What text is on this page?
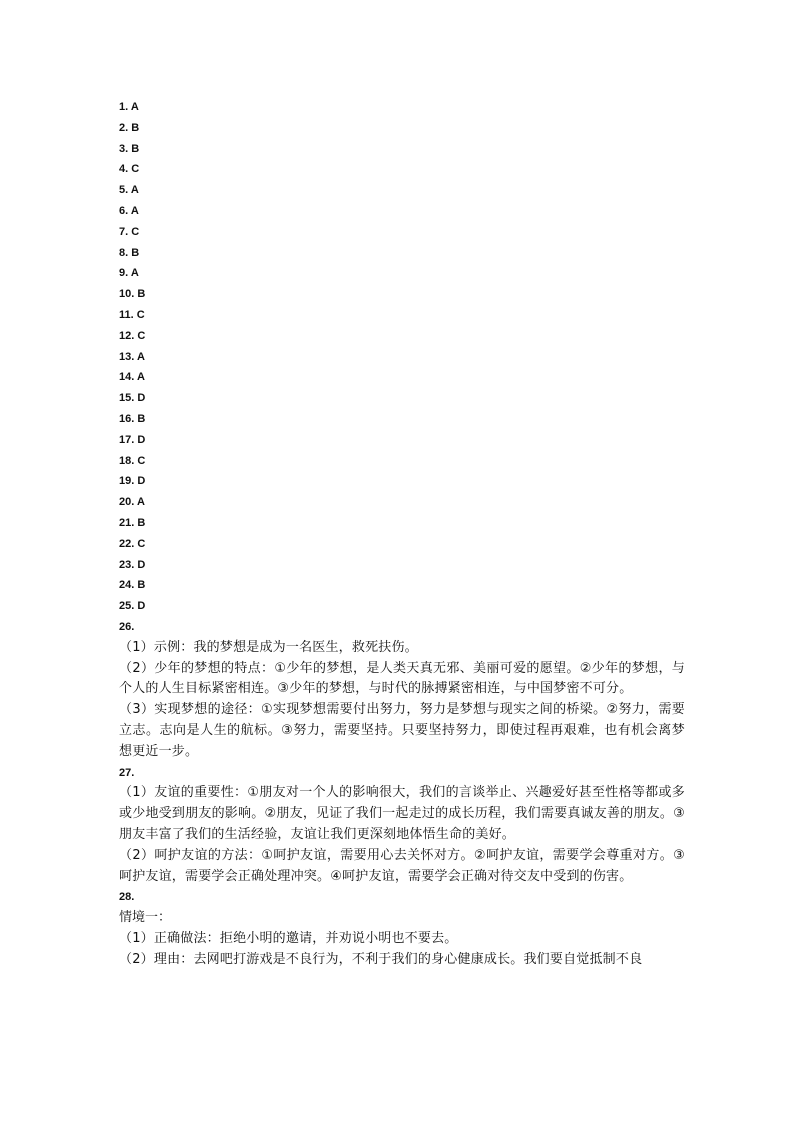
1. A
2. B
3. B
4. C
5. A
6. A
7. C
8. B
9. A
10. B
11. C
12. C
13. A
14. A
15. D
16. B
17. D
18. C
19. D
20. A
21. B
22. C
23. D
24. B
25. D
26.
（1）示例：我的梦想是成为一名医生，救死扶伤。
（2）少年的梦想的特点：①少年的梦想，是人类天真无邪、美丽可爱的愿望。②少年的梦想，与个人的人生目标紧密相连。③少年的梦想，与时代的脉搏紧密相连，与中国梦密不可分。
（3）实现梦想的途径：①实现梦想需要付出努力，努力是梦想与现实之间的桥梁。②努力，需要立志。志向是人生的航标。③努力，需要坚持。只要坚持努力，即使过程再艰难，也有机会离梦想更近一步。
27.
（1）友谊的重要性：①朋友对一个人的影响很大，我们的言谈举止、兴趣爱好甚至性格等都或多或少地受到朋友的影响。②朋友，见证了我们一起走过的成长历程，我们需要真诚友善的朋友。③朋友丰富了我们的生活经验，友谊让我们更深刻地体悟生命的美好。
（2）呵护友谊的方法：①呵护友谊，需要用心去关怀对方。②呵护友谊，需要学会尊重对方。③呵护友谊，需要学会正确处理冲突。④呵护友谊，需要学会正确对待交友中受到的伤害。
28.
情境一：
（1）正确做法：拒绝小明的邀请，并劝说小明也不要去。
（2）理由：去网吧打游戏是不良行为，不利于我们的身心健康成长。我们要自觉抵制不良
